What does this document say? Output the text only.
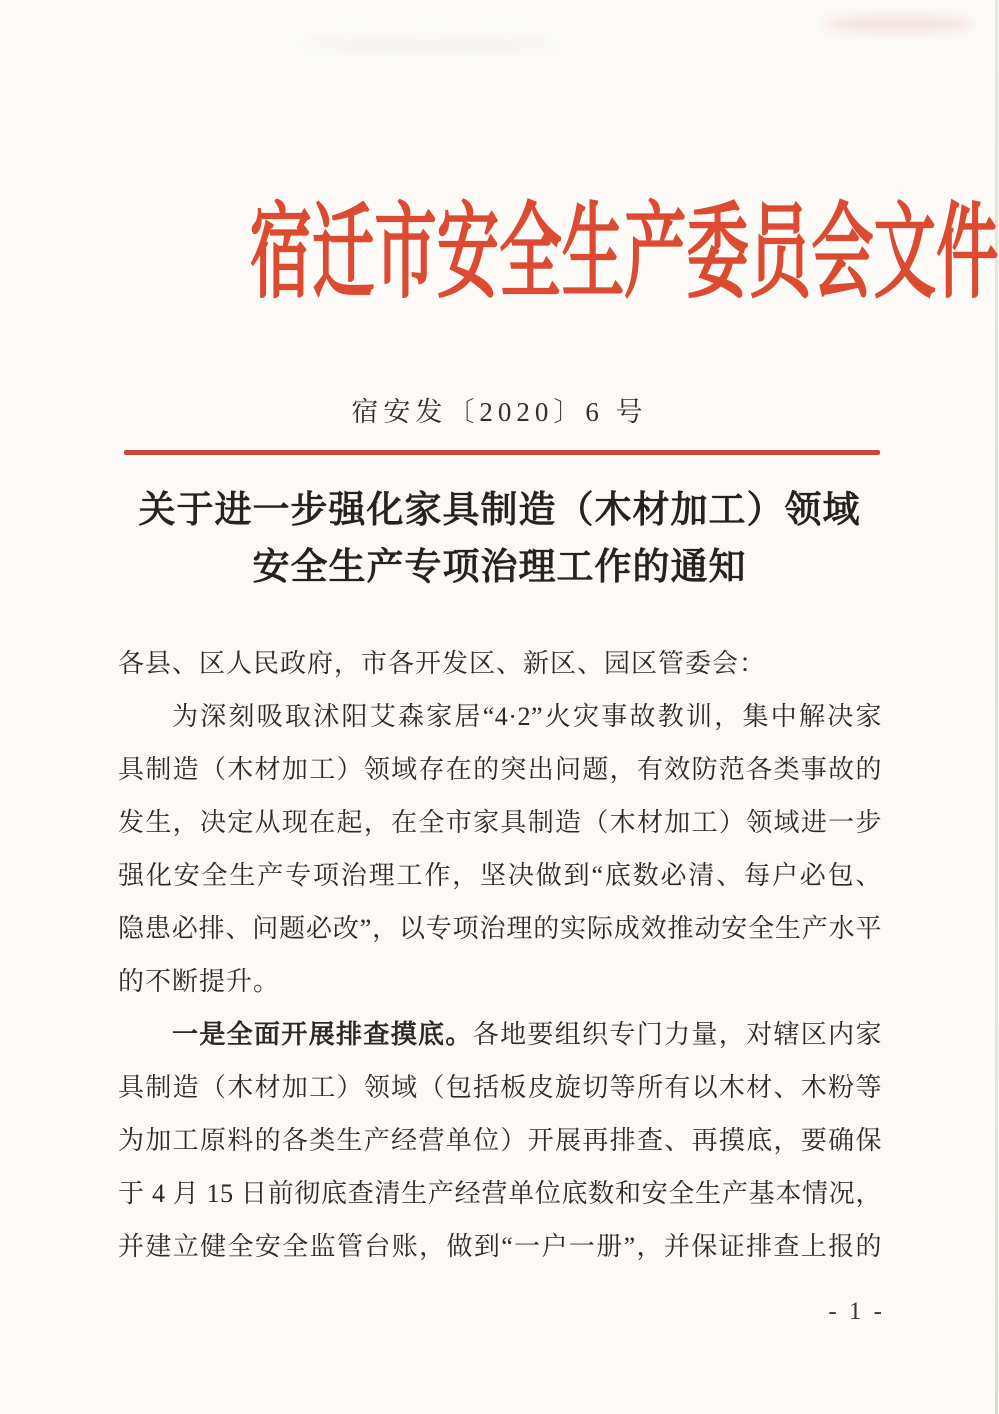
宿迁市安全生产委员会文件
宿安发〔2020〕6 号
关于进一步强化家具制造（木材加工）领域
安全生产专项治理工作的通知
各县、区人民政府，市各开发区、新区、园区管委会：
为深刻吸取沭阳艾森家居“4·2”火灾事故教训，集中解决家
具制造（木材加工）领域存在的突出问题，有效防范各类事故的
发生，决定从现在起，在全市家具制造（木材加工）领域进一步
强化安全生产专项治理工作，坚决做到“底数必清、每户必包、
隐患必排、问题必改”，以专项治理的实际成效推动安全生产水平
的不断提升。
一是全面开展排查摸底。各地要组织专门力量，对辖区内家
具制造（木材加工）领域（包括板皮旋切等所有以木材、木粉等
为加工原料的各类生产经营单位）开展再排查、再摸底，要确保
于 4 月 15 日前彻底查清生产经营单位底数和安全生产基本情况，
并建立健全安全监管台账，做到“一户一册”，并保证排查上报的
- 1 -
